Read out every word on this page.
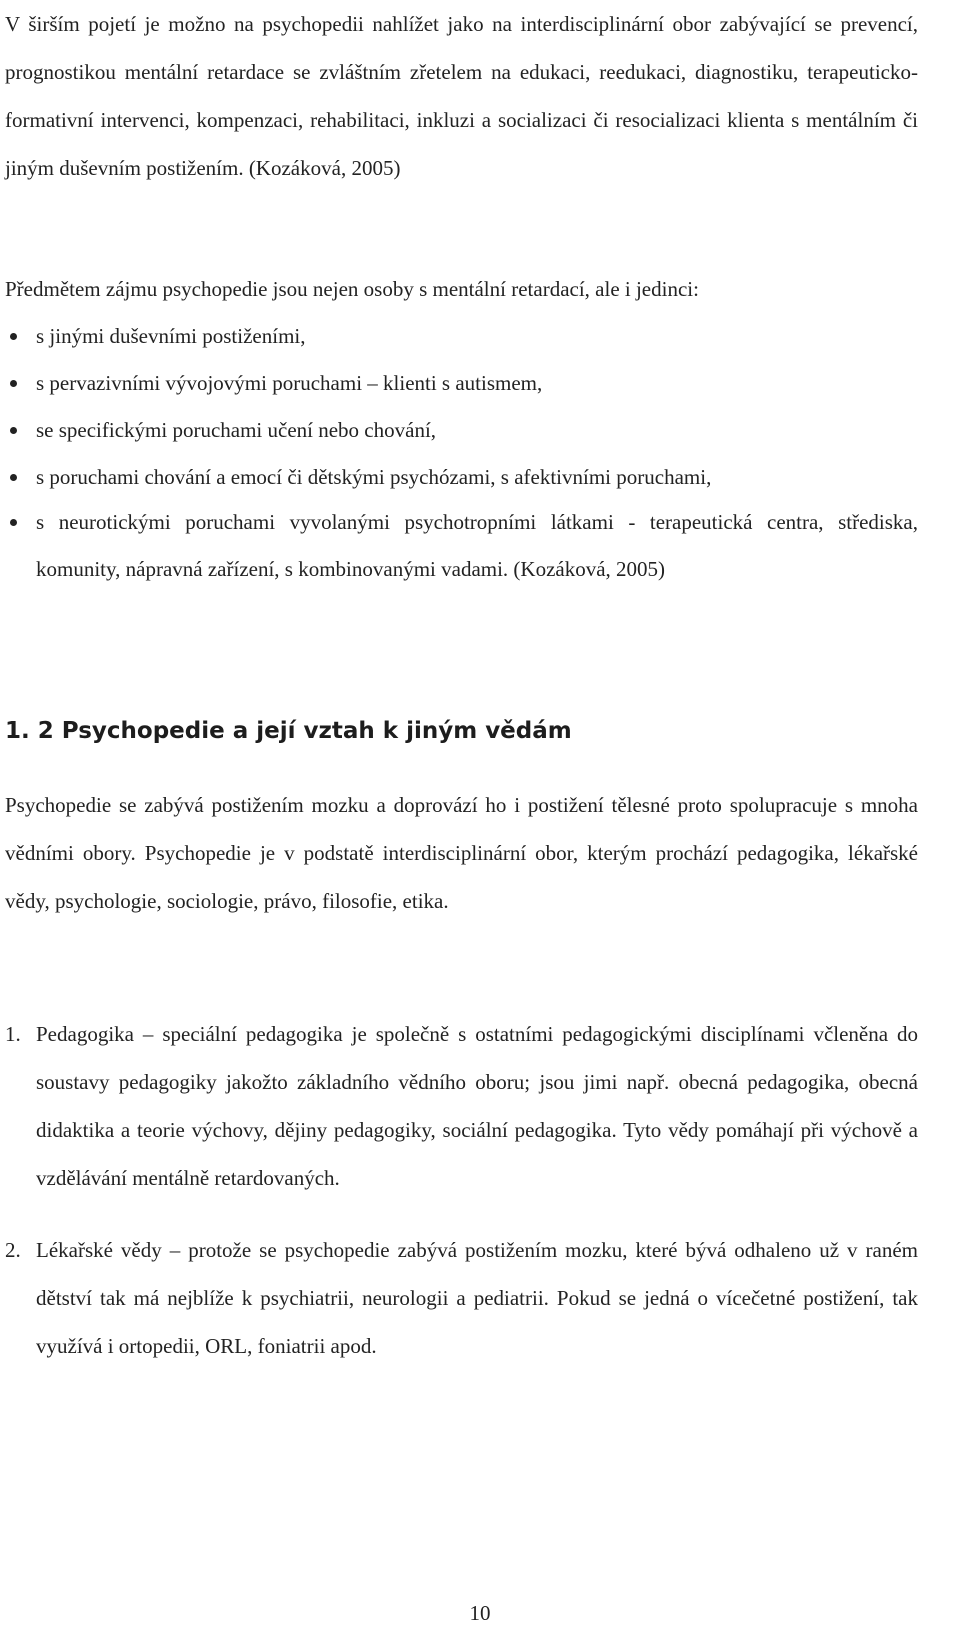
V širším pojetí je možno na psychopedii nahlížet jako na interdisciplinární obor zabývající se prevencí, prognostikou mentální retardace se zvláštním zřetelem na edukaci, reedukaci, diagnostiku, terapeuticko-formativní intervenci, kompenzaci, rehabilitaci, inkluzi a socializaci či resocializaci klienta s mentálním či jiným duševním postižením. (Kozáková, 2005)

Předmětem zájmu psychopedie jsou nejen osoby s mentální retardací, ale i jedinci:

s jinými duševními postiženími,

s pervazivními vývojovými poruchami – klienti s autismem,

se specifickými poruchami učení nebo chování,

s poruchami chování a emocí či dětskými psychózami, s afektivními poruchami,

s neurotickými poruchami vyvolanými psychotropními látkami - terapeutická centra, střediska, komunity, nápravná zařízení, s kombinovanými vadami. (Kozáková, 2005)

1. 2 Psychopedie a její vztah k jiným vědám

Psychopedie se zabývá postižením mozku a doprovází ho i postižení tělesné proto spolupracuje s mnoha vědními obory. Psychopedie je v podstatě interdisciplinární obor, kterým prochází pedagogika, lékařské vědy, psychologie, sociologie, právo, filosofie, etika.

1. Pedagogika – speciální pedagogika je společně s ostatními pedagogickými disciplínami včleněna do soustavy pedagogiky jakožto základního vědního oboru; jsou jimi např. obecná pedagogika, obecná didaktika a teorie výchovy, dějiny pedagogiky, sociální pedagogika. Tyto vědy pomáhají při výchově a vzdělávání mentálně retardovaných.

2. Lékařské vědy – protože se psychopedie zabývá postižením mozku, které bývá odhaleno už v raném dětství tak má nejblíže k psychiatrii, neurologii a pediatrii. Pokud se jedná o vícečetné postižení, tak využívá i ortopedii, ORL, foniatrii apod.

10
